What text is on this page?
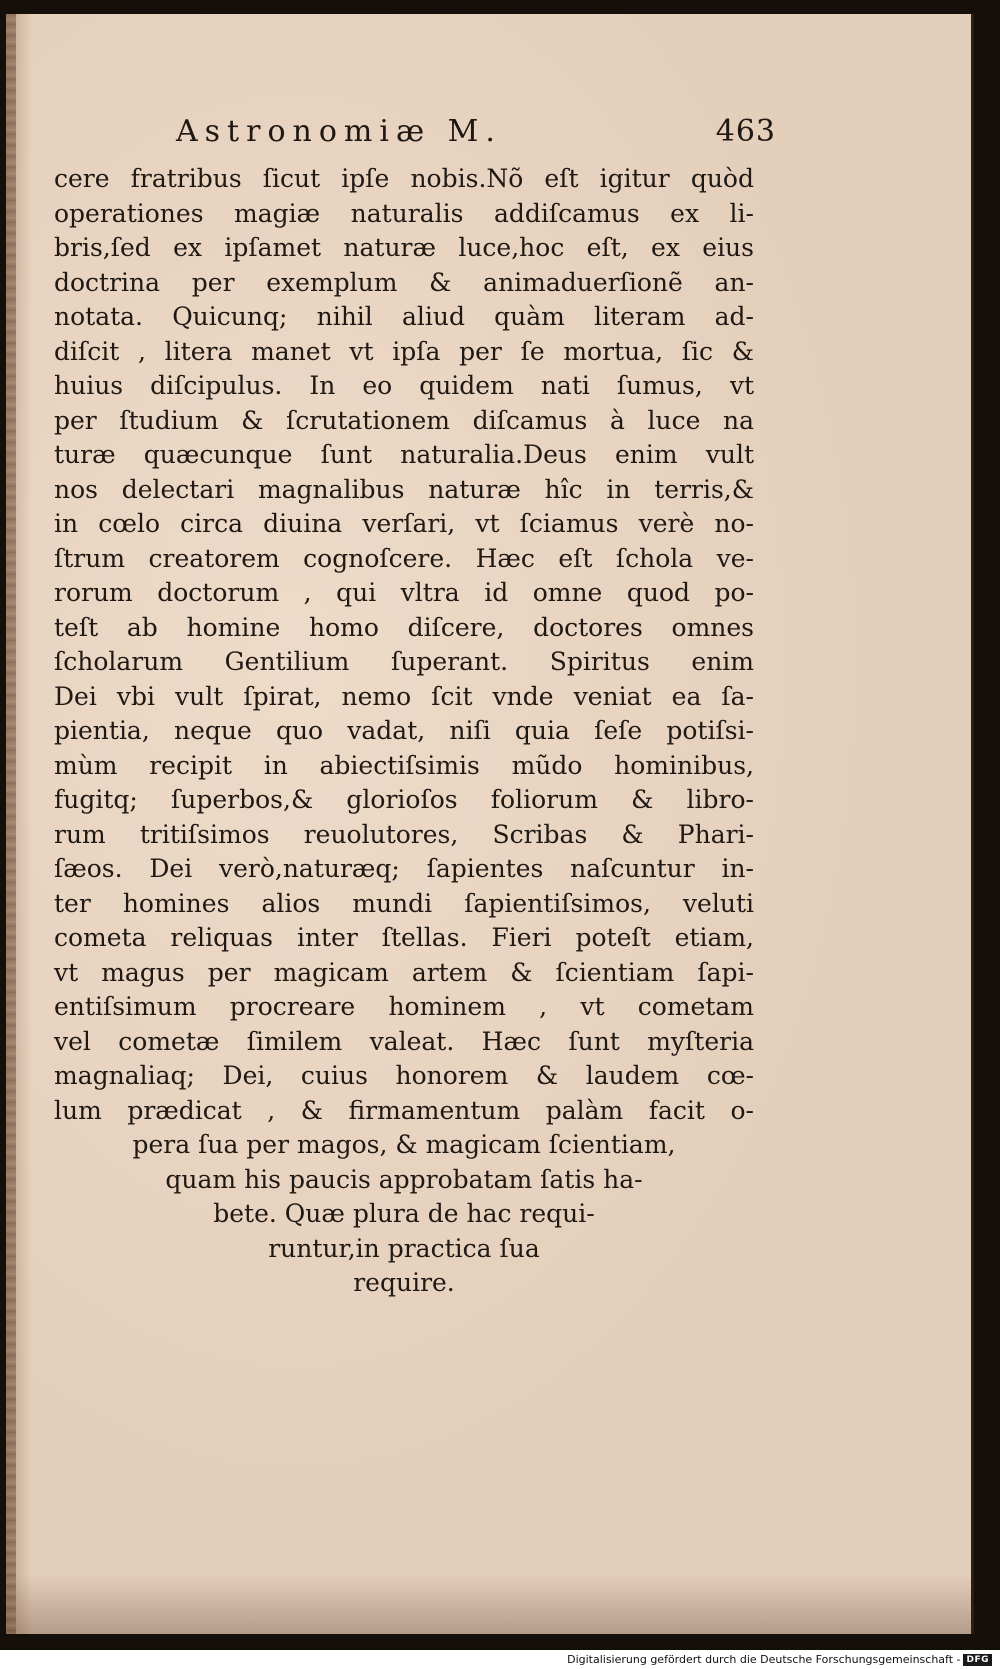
Astronomiæ M.	463
cere fratribus ſicut ipſe nobis.Nõ eſt igitur quòd
operationes magiæ naturalis addiſcamus ex li-
bris,ſed ex ipſamet naturæ luce,hoc eſt, ex eius
doctrina per exemplum & animaduerſionẽ an-
notata. Quicunq; nihil aliud quàm literam ad-
diſcit , litera manet vt ipſa per ſe mortua, ſic &
huius diſcipulus. In eo quidem nati ſumus, vt
per ſtudium & ſcrutationem diſcamus à luce na
turæ quæcunque ſunt naturalia.Deus enim vult
nos delectari magnalibus naturæ hîc in terris,&
in cœlo circa diuina verſari, vt ſciamus verè no-
ſtrum creatorem cognoſcere. Hæc eſt ſchola ve-
rorum doctorum , qui vltra id omne quod po-
teſt ab homine homo diſcere, doctores omnes
ſcholarum Gentilium ſuperant. Spiritus enim
Dei vbi vult ſpirat, nemo ſcit vnde veniat ea ſa-
pientia, neque quo vadat, niſi quia ſeſe potiſsi-
mùm recipit in abiectiſsimis mũdo hominibus,
fugitq; ſuperbos,& glorioſos foliorum & libro-
rum tritiſsimos reuolutores, Scribas & Phari-
ſæos. Dei verò,naturæq; ſapientes naſcuntur in-
ter homines alios mundi ſapientiſsimos, veluti
cometa reliquas inter ſtellas. Fieri poteſt etiam,
vt magus per magicam artem & ſcientiam ſapi-
entiſsimum procreare hominem , vt cometam
vel cometæ ſimilem valeat. Hæc ſunt myſteria
magnaliaq; Dei, cuius honorem & laudem cœ-
lum prædicat , & firmamentum palàm facit o-
pera ſua per magos, & magicam ſcientiam,
quam his paucis approbatam ſatis ha-
bete. Quæ plura de hac requi-
runtur,in practica ſua
require.
Digitalisierung gefördert durch die Deutsche Forschungsgemeinschaft - DFG
